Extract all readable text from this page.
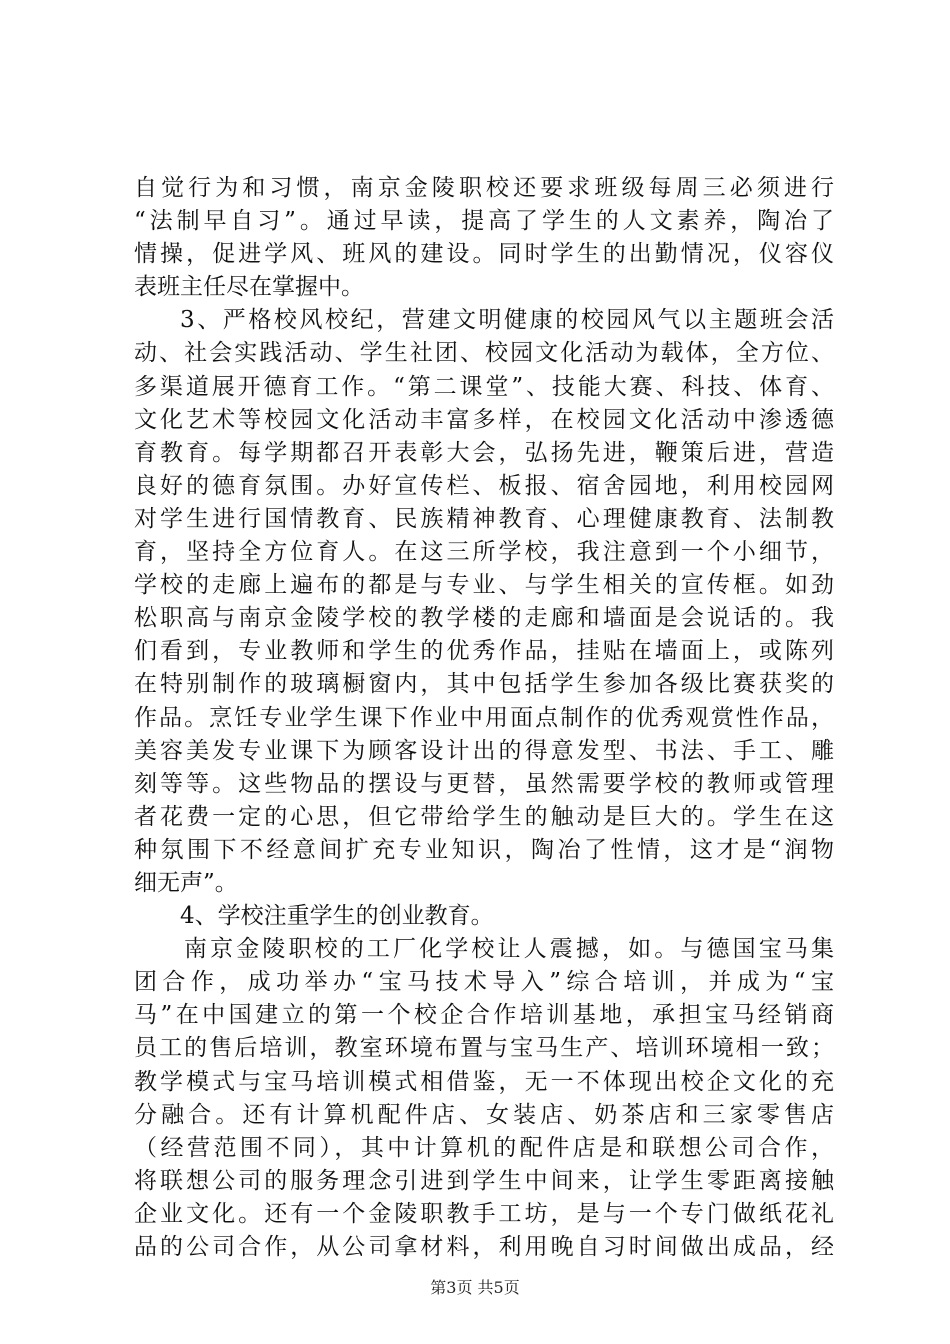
自觉行为和习惯，南京金陵职校还要求班级每周三必须进行
“法制早自习”。通过早读，提高了学生的人文素养，陶冶了
情操，促进学风、班风的建设。同时学生的出勤情况，仪容仪
表班主任尽在掌握中。
3、严格校风校纪，营建文明健康的校园风气以主题班会活
动、社会实践活动、学生社团、校园文化活动为载体，全方位、
多渠道展开德育工作。“第二课堂”、技能大赛、科技、体育、
文化艺术等校园文化活动丰富多样，在校园文化活动中渗透德
育教育。每学期都召开表彰大会，弘扬先进，鞭策后进，营造
良好的德育氛围。办好宣传栏、板报、宿舍园地，利用校园网
对学生进行国情教育、民族精神教育、心理健康教育、法制教
育，坚持全方位育人。在这三所学校，我注意到一个小细节，
学校的走廊上遍布的都是与专业、与学生相关的宣传框。如劲
松职高与南京金陵学校的教学楼的走廊和墙面是会说话的。我
们看到，专业教师和学生的优秀作品，挂贴在墙面上，或陈列
在特别制作的玻璃橱窗内，其中包括学生参加各级比赛获奖的
作品。烹饪专业学生课下作业中用面点制作的优秀观赏性作品，
美容美发专业课下为顾客设计出的得意发型、书法、手工、雕
刻等等。这些物品的摆设与更替，虽然需要学校的教师或管理
者花费一定的心思，但它带给学生的触动是巨大的。学生在这
种氛围下不经意间扩充专业知识，陶冶了性情，这才是“润物
细无声”。
4、学校注重学生的创业教育。
南京金陵职校的工厂化学校让人震撼，如。与德国宝马集
团合作，成功举办“宝马技术导入”综合培训，并成为“宝
马”在中国建立的第一个校企合作培训基地，承担宝马经销商
员工的售后培训，教室环境布置与宝马生产、培训环境相一致；
教学模式与宝马培训模式相借鉴，无一不体现出校企文化的充
分融合。还有计算机配件店、女装店、奶茶店和三家零售店
（经营范围不同），其中计算机的配件店是和联想公司合作，
将联想公司的服务理念引进到学生中间来，让学生零距离接触
企业文化。还有一个金陵职教手工坊，是与一个专门做纸花礼
品的公司合作，从公司拿材料，利用晚自习时间做出成品，经
第3页 共5页
